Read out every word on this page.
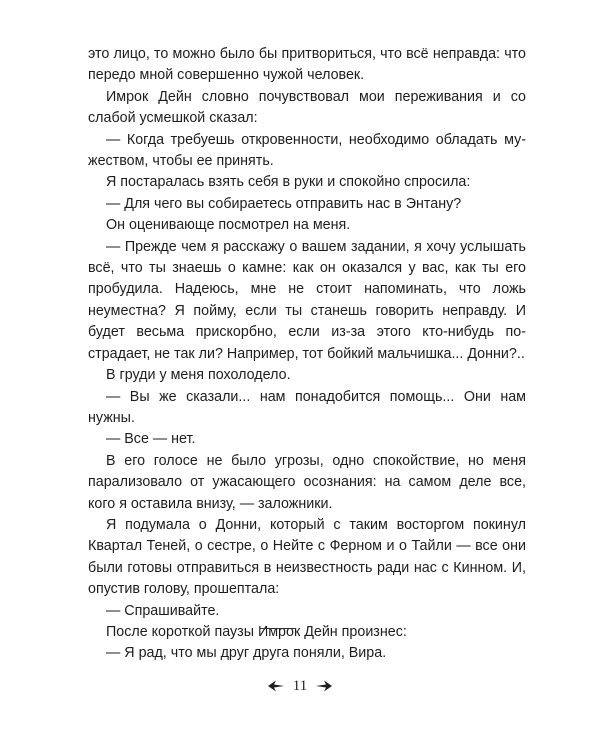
это лицо, то можно было бы притвориться, что всё неправда: что передо мной совершенно чужой человек.

Имрок Дейн словно почувствовал мои переживания и со слабой усмешкой сказал:

— Когда требуешь откровенности, необходимо обладать мужеством, чтобы ее принять.

Я постаралась взять себя в руки и спокойно спросила:

— Для чего вы собираетесь отправить нас в Энтану?

Он оценивающе посмотрел на меня.

— Прежде чем я расскажу о вашем задании, я хочу услышать всё, что ты знаешь о камне: как он оказался у вас, как ты его пробудила. Надеюсь, мне не стоит напоминать, что ложь неуместна? Я пойму, если ты станешь говорить неправду. И будет весьма прискорбно, если из-за этого кто-нибудь пострадает, не так ли? Например, тот бойкий мальчишка... Донни?..

В груди у меня похолодело.

— Вы же сказали... нам понадобится помощь... Они нам нужны.

— Все — нет.

В его голосе не было угрозы, одно спокойствие, но меня парализовало от ужасающего осознания: на самом деле все, кого я оставила внизу, — заложники.

Я подумала о Донни, который с таким восторгом покинул Квартал Теней, о сестре, о Нейте с Ферном и о Тайли — все они были готовы отправиться в неизвестность ради нас с Кинном. И, опустив голову, прошептала:

— Спрашивайте.

После короткой паузы Имрок Дейн произнес:

— Я рад, что мы друг друга поняли, Вира.

11
